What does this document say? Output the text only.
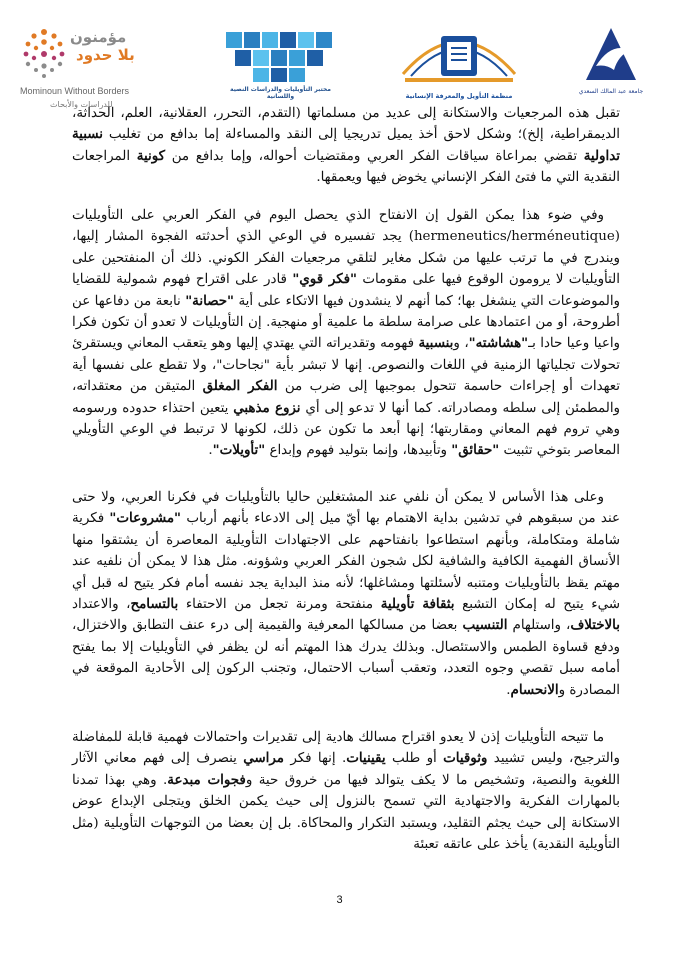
مؤمنون
بلا حدود
Mominoun Without Borders
للدراسات والأبحاث
مختبر التأويليات والدراسات النصية واللسانية	منظمة التأويل والمعرفة الإنسانية
جامعة عبد المالك السعدي

تقبل هذه المرجعيات والاستكانة إلى عديد من مسلماتها (التقدم، التحرر، العقلانية، العلم، الحداثة، الديمقراطية، إلخ)؛ وشكل لاحق أخذ يميل تدريجيا إلى النقد والمساءلة إما بدافع من تغليب نسبية تداولية تقضي بمراعاة سياقات الفكر العربي ومقتضيات أحواله، وإما بدافع من كونية المراجعات النقدية التي ما فتئ الفكر الإنساني يخوض فيها ويعمقها.

وفي ضوء هذا يمكن القول إن الانفتاح الذي يحصل اليوم في الفكر العربي على التأويليات (hermeneutics/herméneutique) يجد تفسيره في الوعي الذي أحدثته الفجوة المشار إليها، ويندرج في ما ترتب عليها من شكل مغاير لتلقي مرجعيات الفكر الكوني. ذلك أن المنفتحين على التأويليات لا يرومون الوقوع فيها على مقومات "فكر قوي" قادر على اقتراح فهوم شمولية للقضايا والموضوعات التي ينشغل بها؛ كما أنهم لا ينشدون فيها الاتكاء على أية "حصانة" نابعة من دفاعها عن أطروحة، أو من اعتمادها على صرامة سلطة ما علمية أو منهجية. إن التأويليات لا تعدو أن تكون فكرا واعيا وعيا حادا بـ"هشاشته"، وبنسبية فهومه وتقديراته التي يهتدي إليها وهو يتعقب المعاني ويستقرئ تحولات تجلياتها الزمنية في اللغات والنصوص. إنها لا تبشر بأية "نجاحات"، ولا تقطع على نفسها أية تعهدات أو إجراءات حاسمة تتحول بموجبها إلى ضرب من الفكر المغلق المتيقن من معتقداته، والمطمئن إلى سلطه ومصادراته. كما أنها لا تدعو إلى أي نزوع مذهبي يتعين احتذاء حدوده ورسومه وهي تروم فهم المعاني ومقاربتها؛ إنها أبعد ما تكون عن ذلك، لكونها لا ترتبط في الوعي التأويلي المعاصر بتوخي تثبيت "حقائق" وتأبيدها، وإنما بتوليد فهوم وإبداع "تأويلات".

وعلى هذا الأساس لا يمكن أن نلفي عند المشتغلين حاليا بالتأويليات في فكرنا العربي، ولا حتى عند من سبقوهم في تدشين بداية الاهتمام بها أيّ ميل إلى الادعاء بأنهم أرباب "مشروعات" فكرية شاملة ومتكاملة، وبأنهم استطاعوا بانفتاحهم على الاجتهادات التأويلية المعاصرة أن يشتقوا منها الأنساق الفهمية الكافية والشافية لكل شجون الفكر العربي وشؤونه. مثل هذا لا يمكن أن نلفيه عند مهتم يقظ بالتأويليات ومتنبه لأسئلتها ومشاغلها؛ لأنه منذ البداية يجد نفسه أمام فكر يتيح له قبل أي شيء يتيح له إمكان التشبع بثقافة تأويلية منفتحة ومرنة تجعل من الاحتفاء بالتسامح، والاعتداد بالاختلاف، واستلهام التنسيب بعضا من مسالكها المعرفية والقيمية إلى درء عنف التطابق والاختزال، ودفع قساوة الطمس والاستئصال. وبذلك يدرك هذا المهتم أنه لن يظفر في التأويليات إلا بما يفتح أمامه سبل تقصي وجوه التعدد، وتعقب أسباب الاحتمال، وتجنب الركون إلى الأحادية الموقعة في المصادرة والانحسام.

ما تتيحه التأويليات إذن لا يعدو اقتراح مسالك هادية إلى تقديرات واحتمالات فهمية قابلة للمفاضلة والترجيح، وليس تشييد وثوقيات أو طلب يقينيات. إنها فكر مراسي ينصرف إلى فهم معاني الآثار اللغوية والنصية، وتشخيص ما لا يكف يتوالد فيها من خروق حية وفجوات مبدعة. وهي بهذا تمدنا بالمهارات الفكرية والاجتهادية التي تسمح بالنزول إلى حيث يكمن الخلق ويتجلى الإبداع عوض الاستكانة إلى حيث يجثم التقليد، ويستبد التكرار والمحاكاة. بل إن بعضا من التوجهات التأويلية (مثل التأويلية النقدية) يأخذ على عاتقه تعبئة

3
